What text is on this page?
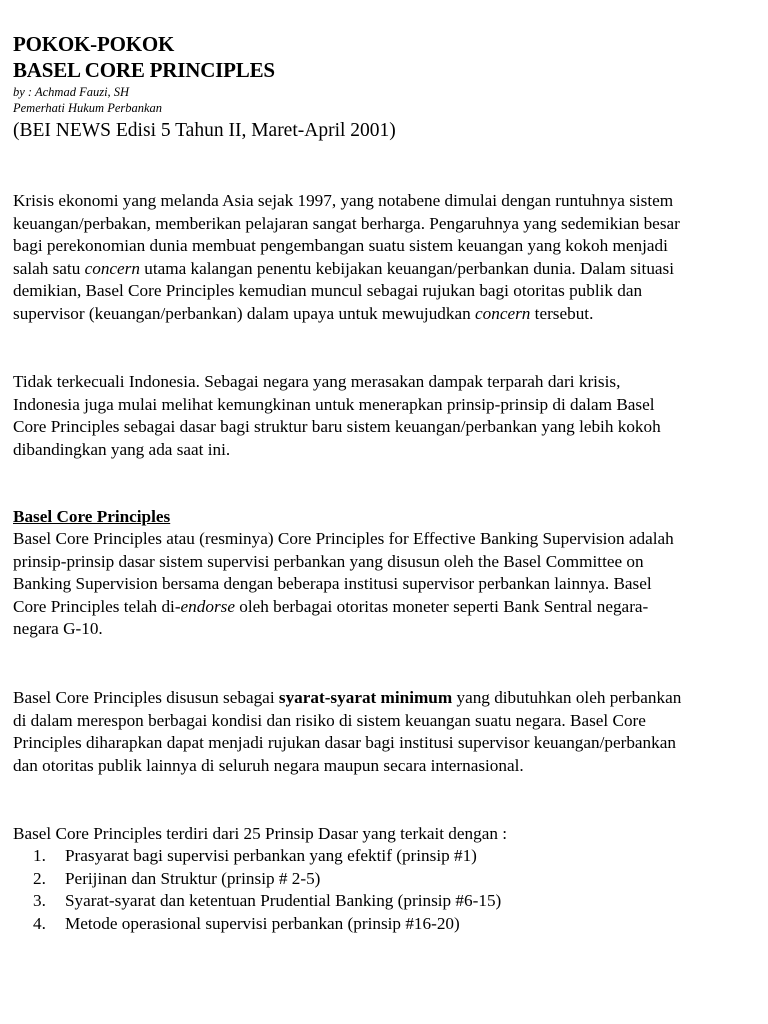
POKOK-POKOK
BASEL CORE PRINCIPLES
by : Achmad Fauzi, SH
Pemerhati Hukum Perbankan
(BEI NEWS Edisi 5 Tahun II, Maret-April 2001)
Krisis ekonomi yang melanda Asia sejak 1997, yang notabene dimulai dengan runtuhnya sistem
keuangan/perbakan, memberikan pelajaran sangat berharga. Pengaruhnya yang sedemikian besar
bagi perekonomian dunia membuat pengembangan suatu sistem keuangan yang kokoh menjadi
salah satu concern utama kalangan penentu kebijakan keuangan/perbankan dunia. Dalam situasi
demikian, Basel Core Principles kemudian muncul sebagai rujukan bagi otoritas publik dan
supervisor (keuangan/perbankan) dalam upaya untuk mewujudkan concern tersebut.
Tidak terkecuali Indonesia. Sebagai negara yang merasakan dampak terparah dari krisis,
Indonesia juga mulai melihat kemungkinan untuk menerapkan prinsip-prinsip di dalam Basel
Core Principles sebagai dasar bagi struktur baru sistem keuangan/perbankan yang lebih kokoh
dibandingkan yang ada saat ini.
Basel Core Principles
Basel Core Principles atau (resminya) Core Principles for Effective Banking Supervision adalah
prinsip-prinsip dasar sistem supervisi perbankan yang disusun oleh the Basel Committee on
Banking Supervision bersama dengan beberapa institusi supervisor perbankan lainnya. Basel
Core Principles telah di-endorse oleh berbagai otoritas moneter seperti Bank Sentral negara-
negara G-10.
Basel Core Principles disusun sebagai syarat-syarat minimum yang dibutuhkan oleh perbankan
di dalam merespon berbagai kondisi dan risiko di sistem keuangan suatu negara. Basel Core
Principles diharapkan dapat menjadi rujukan dasar bagi institusi supervisor keuangan/perbankan
dan otoritas publik lainnya di seluruh negara maupun secara internasional.
Basel Core Principles terdiri dari 25 Prinsip Dasar yang terkait dengan :
1.	Prasyarat bagi supervisi perbankan yang efektif (prinsip #1)
2.	Perijinan dan Struktur (prinsip # 2-5)
3.	Syarat-syarat dan ketentuan Prudential Banking (prinsip #6-15)
4.	Metode operasional supervisi perbankan (prinsip #16-20)
